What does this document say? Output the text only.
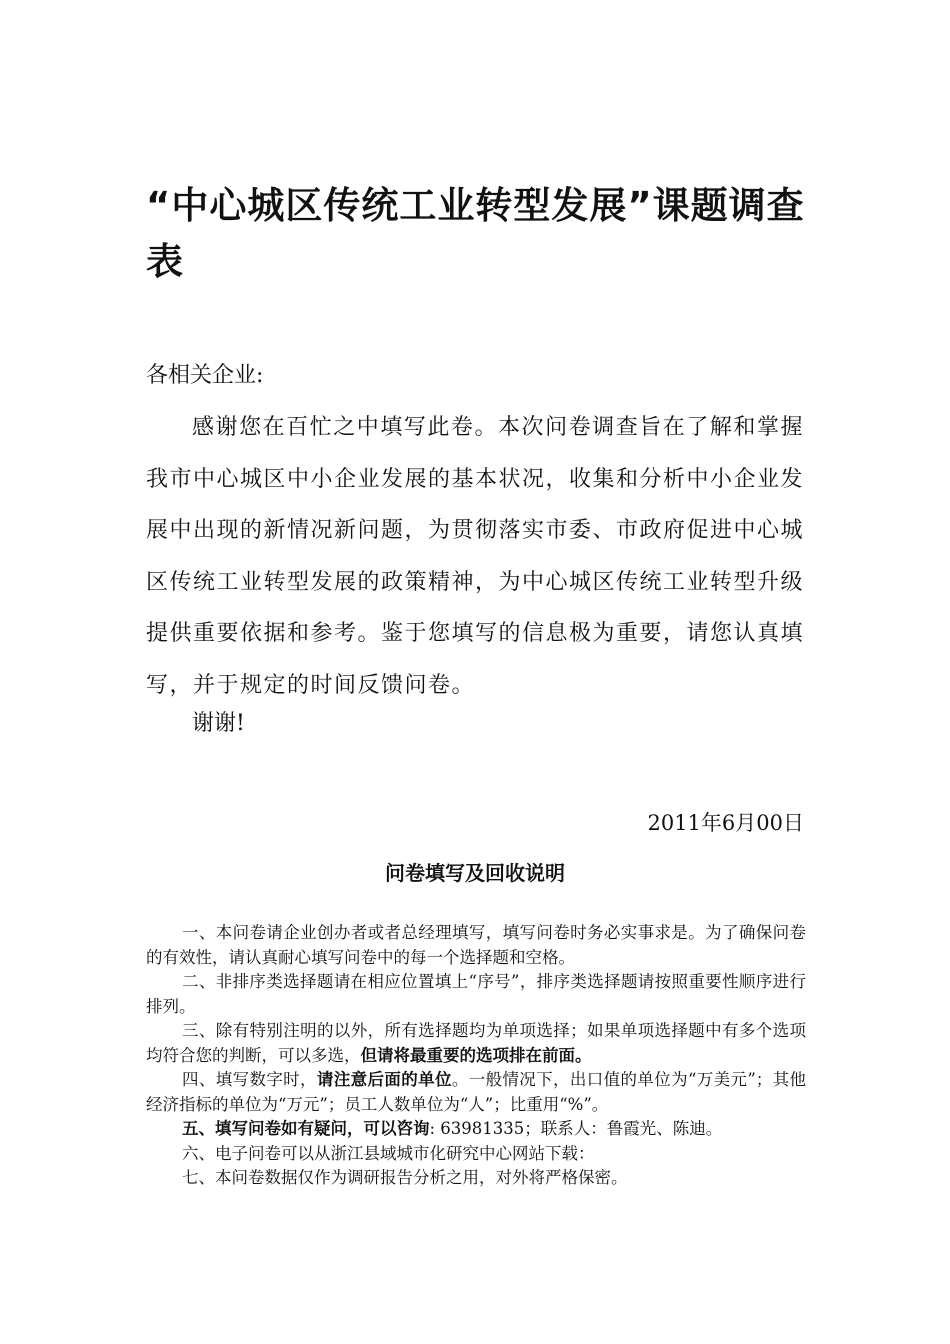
“中心城区传统工业转型发展”课题调查表

各相关企业:

感谢您在百忙之中填写此卷。本次问卷调查旨在了解和掌握我市中心城区中小企业发展的基本状况，收集和分析中小企业发展中出现的新情况新问题，为贯彻落实市委、市政府促进中心城区传统工业转型发展的政策精神，为中心城区传统工业转型升级提供重要依据和参考。鉴于您填写的信息极为重要，请您认真填写，并于规定的时间反馈问卷。

谢谢!

2011年6月00日

问卷填写及回收说明
一、本问卷请企业创办者或者总经理填写，填写问卷时务必实事求是。为了确保问卷的有效性，请认真耐心填写问卷中的每一个选择题和空格。
二、非排序类选择题请在相应位置填上“序号”，排序类选择题请按照重要性顺序进行排列。
三、除有特别注明的以外，所有选择题均为单项选择；如果单项选择题中有多个选项均符合您的判断，可以多选，但请将最重要的选项排在前面。
四、填写数字时，请注意后面的单位。一般情况下，出口值的单位为“万美元”；其他经济指标的单位为“万元”；员工人数单位为“人”；比重用“%”。
五、填写问卷如有疑问，可以咨询: 63981335；联系人：鲁霞光、陈迪。
六、电子问卷可以从浙江县域城市化研究中心网站下载：
七、本问卷数据仅作为调研报告分析之用，对外将严格保密。
